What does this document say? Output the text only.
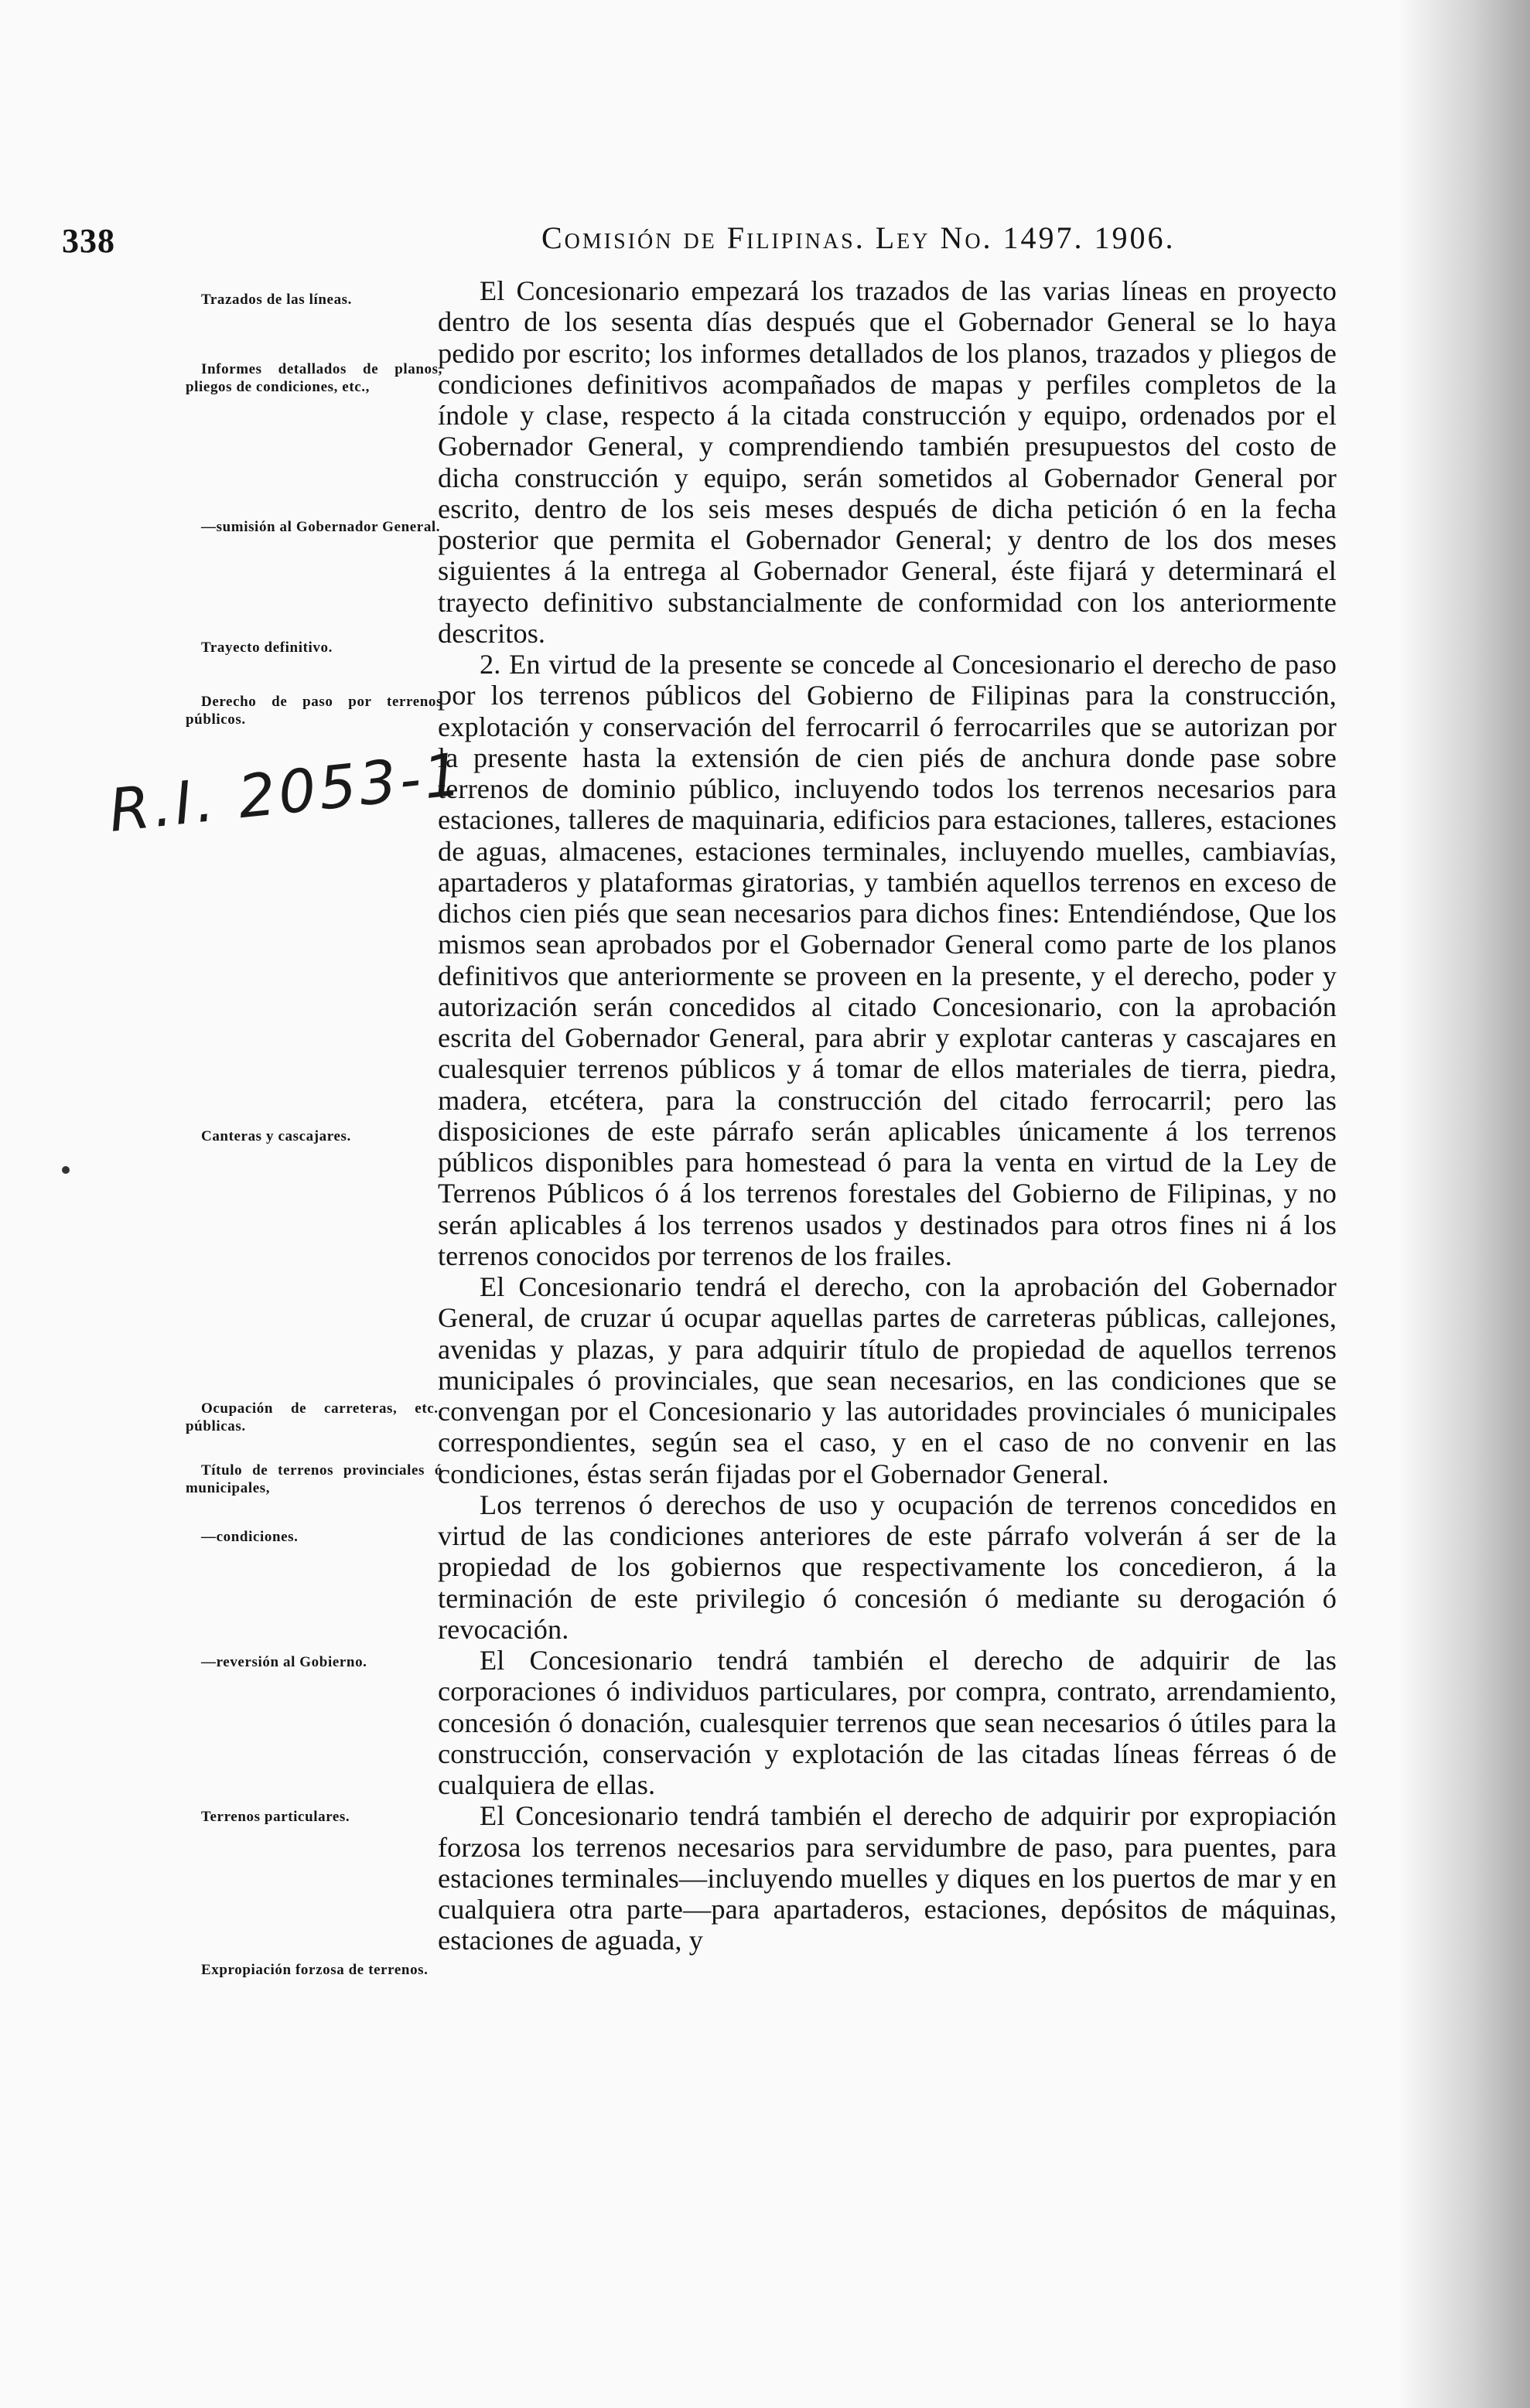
338	Comisión de Filipinas. Ley No. 1497. 1906.
Trazados de las líneas.
Informes detallados de planos, pliegos de condiciones, etc.,
—sumisión al Gobernador General.
Trayecto definitivo.
Derecho de paso por terrenos públicos.
Canteras y cascajares.
Ocupación de carreteras, etc., públicas.
Título de terrenos provinciales ó municipales,
—condiciones.
—reversión al Gobierno.
Terrenos particulares.
Expropiación forzosa de terrenos.
R.I. 2053-1

El Concesionario empezará los trazados de las varias líneas en proyecto dentro de los sesenta días después que el Gobernador General se lo haya pedido por escrito; los informes detallados de los planos, trazados y pliegos de condiciones definitivos acompañados de mapas y perfiles completos de la índole y clase, respecto á la citada construcción y equipo, ordenados por el Gobernador General, y comprendiendo también presupuestos del costo de dicha construcción y equipo, serán sometidos al Gobernador General por escrito, dentro de los seis meses después de dicha petición ó en la fecha posterior que permita el Gobernador General; y dentro de los dos meses siguientes á la entrega al Gobernador General, éste fijará y determinará el trayecto definitivo substancialmente de conformidad con los anteriormente descritos.

2. En virtud de la presente se concede al Concesionario el derecho de paso por los terrenos públicos del Gobierno de Filipinas para la construcción, explotación y conservación del ferrocarril ó ferrocarriles que se autorizan por la presente hasta la extensión de cien piés de anchura donde pase sobre terrenos de dominio público, incluyendo todos los terrenos necesarios para estaciones, talleres de maquinaria, edificios para estaciones, talleres, estaciones de aguas, almacenes, estaciones terminales, incluyendo muelles, cambiavías, apartaderos y plataformas giratorias, y también aquellos terrenos en exceso de dichos cien piés que sean necesarios para dichos fines: Entendiéndose, Que los mismos sean aprobados por el Gobernador General como parte de los planos definitivos que anteriormente se proveen en la presente, y el derecho, poder y autorización serán concedidos al citado Concesionario, con la aprobación escrita del Gobernador General, para abrir y explotar canteras y cascajares en cualesquier terrenos públicos y á tomar de ellos materiales de tierra, piedra, madera, etcétera, para la construcción del citado ferrocarril; pero las disposiciones de este párrafo serán aplicables únicamente á los terrenos públicos disponibles para homestead ó para la venta en virtud de la Ley de Terrenos Públicos ó á los terrenos forestales del Gobierno de Filipinas, y no serán aplicables á los terrenos usados y destinados para otros fines ni á los terrenos conocidos por terrenos de los frailes.

El Concesionario tendrá el derecho, con la aprobación del Gobernador General, de cruzar ú ocupar aquellas partes de carreteras públicas, callejones, avenidas y plazas, y para adquirir título de propiedad de aquellos terrenos municipales ó provinciales, que sean necesarios, en las condiciones que se convengan por el Concesionario y las autoridades provinciales ó municipales correspondientes, según sea el caso, y en el caso de no convenir en las condiciones, éstas serán fijadas por el Gobernador General.

Los terrenos ó derechos de uso y ocupación de terrenos concedidos en virtud de las condiciones anteriores de este párrafo volverán á ser de la propiedad de los gobiernos que respectivamente los concedieron, á la terminación de este privilegio ó concesión ó mediante su derogación ó revocación.

El Concesionario tendrá también el derecho de adquirir de las corporaciones ó individuos particulares, por compra, contrato, arrendamiento, concesión ó donación, cualesquier terrenos que sean necesarios ó útiles para la construcción, conservación y explotación de las citadas líneas férreas ó de cualquiera de ellas.

El Concesionario tendrá también el derecho de adquirir por expropiación forzosa los terrenos necesarios para servidumbre de paso, para puentes, para estaciones terminales—incluyendo muelles y diques en los puertos de mar y en cualquiera otra parte—para apartaderos, estaciones, depósitos de máquinas, estaciones de aguada, y
